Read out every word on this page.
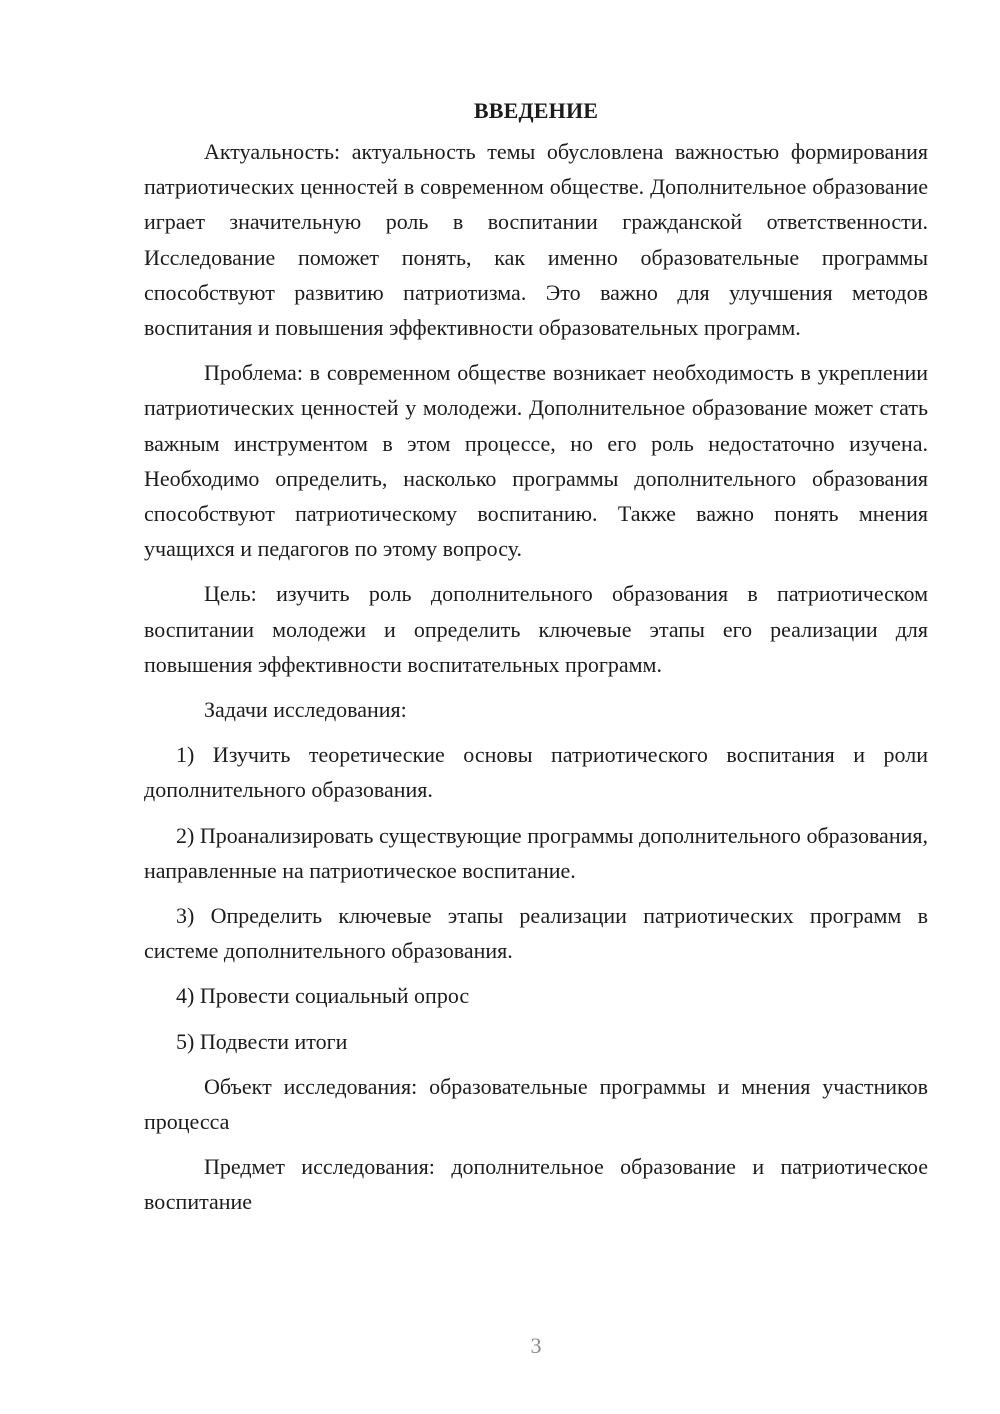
ВВЕДЕНИЕ

Актуальность: актуальность темы обусловлена важностью формирования патриотических ценностей в современном обществе. Дополнительное образование играет значительную роль в воспитании гражданской ответственности. Исследование поможет понять, как именно образовательные программы способствуют развитию патриотизма. Это важно для улучшения методов воспитания и повышения эффективности образовательных программ.

Проблема: в современном обществе возникает необходимость в укреплении патриотических ценностей у молодежи. Дополнительное образование может стать важным инструментом в этом процессе, но его роль недостаточно изучена. Необходимо определить, насколько программы дополнительного образования способствуют патриотическому воспитанию. Также важно понять мнения учащихся и педагогов по этому вопросу.

Цель: изучить роль дополнительного образования в патриотическом воспитании молодежи и определить ключевые этапы его реализации для повышения эффективности воспитательных программ.

Задачи исследования:

1) Изучить теоретические основы патриотического воспитания и роли дополнительного образования.

2) Проанализировать существующие программы дополнительного образования, направленные на патриотическое воспитание.

3) Определить ключевые этапы реализации патриотических программ в системе дополнительного образования.

4) Провести социальный опрос

5) Подвести итоги

Объект исследования: образовательные программы и мнения участников процесса

Предмет исследования: дополнительное образование и патриотическое воспитание

3
